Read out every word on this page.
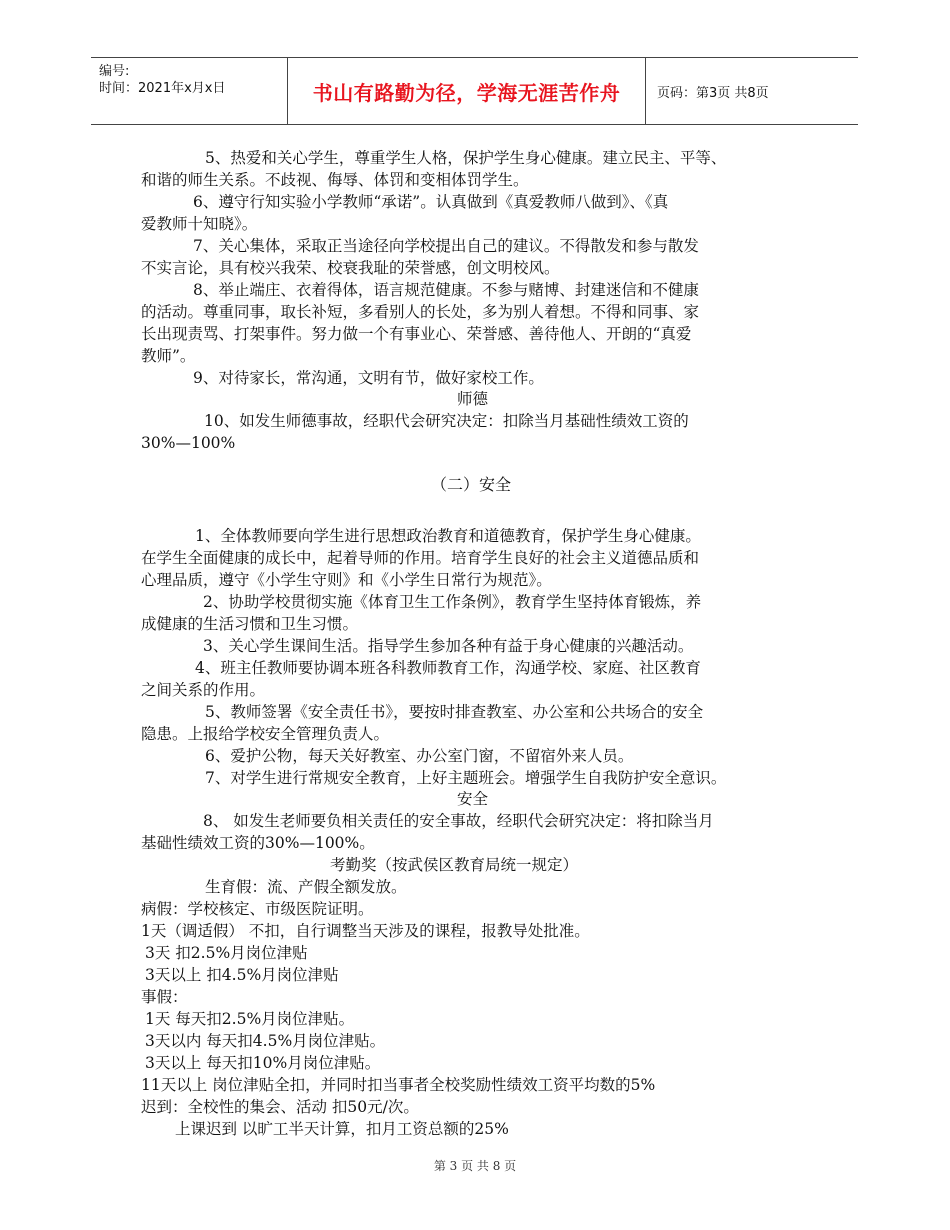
编号:
时间：2021年x月x日	书山有路勤为径，学海无涯苦作舟	页码：第3页 共8页
5、热爱和关心学生，尊重学生人格，保护学生身心健康。建立民主、平等、
和谐的师生关系。不歧视、侮辱、体罚和变相体罚学生。
6、遵守行知实验小学教师“承诺”。认真做到《真爱教师八做到》、《真
爱教师十知晓》。
7、关心集体，采取正当途径向学校提出自己的建议。不得散发和参与散发
不实言论，具有校兴我荣、校衰我耻的荣誉感，创文明校风。
8、举止端庄、衣着得体，语言规范健康。不参与赌博、封建迷信和不健康
的活动。尊重同事，取长补短，多看别人的长处，多为别人着想。不得和同事、家
长出现责骂、打架事件。努力做一个有事业心、荣誉感、善待他人、开朗的“真爱
教师”。
9、对待家长，常沟通，文明有节，做好家校工作。
师德
10、如发生师德事故，经职代会研究决定：扣除当月基础性绩效工资的
30%—100%
（二）安全
1、全体教师要向学生进行思想政治教育和道德教育，保护学生身心健康。
在学生全面健康的成长中，起着导师的作用。培育学生良好的社会主义道德品质和
心理品质，遵守《小学生守则》和《小学生日常行为规范》。
2、协助学校贯彻实施《体育卫生工作条例》，教育学生坚持体育锻炼，养
成健康的生活习惯和卫生习惯。
3、关心学生课间生活。指导学生参加各种有益于身心健康的兴趣活动。
4、班主任教师要协调本班各科教师教育工作，沟通学校、家庭、社区教育
之间关系的作用。
5、教师签署《安全责任书》，要按时排查教室、办公室和公共场合的安全
隐患。上报给学校安全管理负责人。
6、爱护公物，每天关好教室、办公室门窗，不留宿外来人员。
7、对学生进行常规安全教育，上好主题班会。增强学生自我防护安全意识。
安全
8、 如发生老师要负相关责任的安全事故，经职代会研究决定：将扣除当月
基础性绩效工资的30%—100%。
考勤奖（按武侯区教育局统一规定）
生育假：流、产假全额发放。
病假：学校核定、市级医院证明。
1天（调适假） 不扣，自行调整当天涉及的课程，报教导处批准。
3天 扣2.5%月岗位津贴
3天以上 扣4.5%月岗位津贴
事假：
1天 每天扣2.5%月岗位津贴。
3天以内 每天扣4.5%月岗位津贴。
3天以上 每天扣10%月岗位津贴。
11天以上 岗位津贴全扣，并同时扣当事者全校奖励性绩效工资平均数的5%
迟到：全校性的集会、活动 扣50元/次。
上课迟到 以旷工半天计算，扣月工资总额的25%
第 3 页 共 8 页
